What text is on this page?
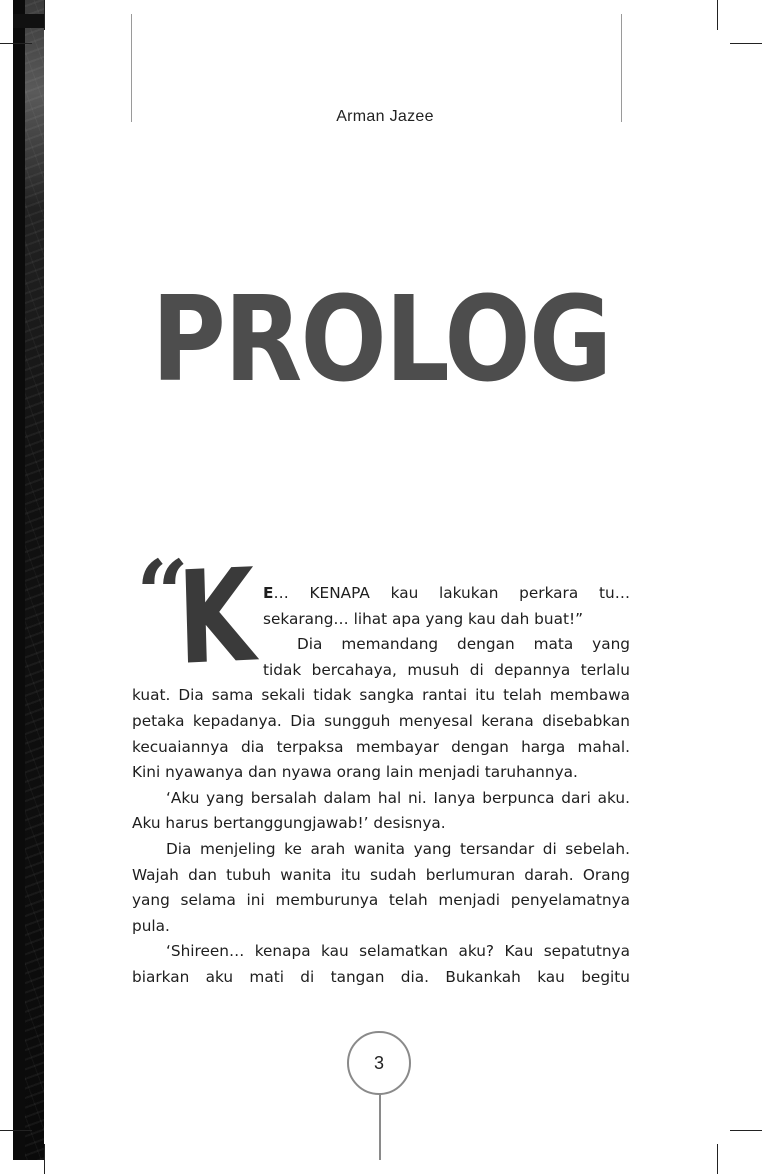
Arman Jazee
PROLOG
“
K E… KENAPA kau lakukan perkara tu…
sekarang… lihat apa yang kau dah buat!”
Dia memandang dengan mata yang
tidak bercahaya, musuh di depannya terlalu
kuat. Dia sama sekali tidak sangka rantai itu telah membawa
petaka kepadanya. Dia sungguh menyesal kerana disebabkan
kecuaiannya dia terpaksa membayar dengan harga mahal.
Kini nyawanya dan nyawa orang lain menjadi taruhannya.
‘Aku yang bersalah dalam hal ni. Ianya berpunca dari aku.
Aku harus bertanggungjawab!’ desisnya.
Dia menjeling ke arah wanita yang tersandar di sebelah.
Wajah dan tubuh wanita itu sudah berlumuran darah. Orang
yang selama ini memburunya telah menjadi penyelamatnya
pula.
‘Shireen… kenapa kau selamatkan aku? Kau sepatutnya
biarkan aku mati di tangan dia. Bukankah kau begitu
3
